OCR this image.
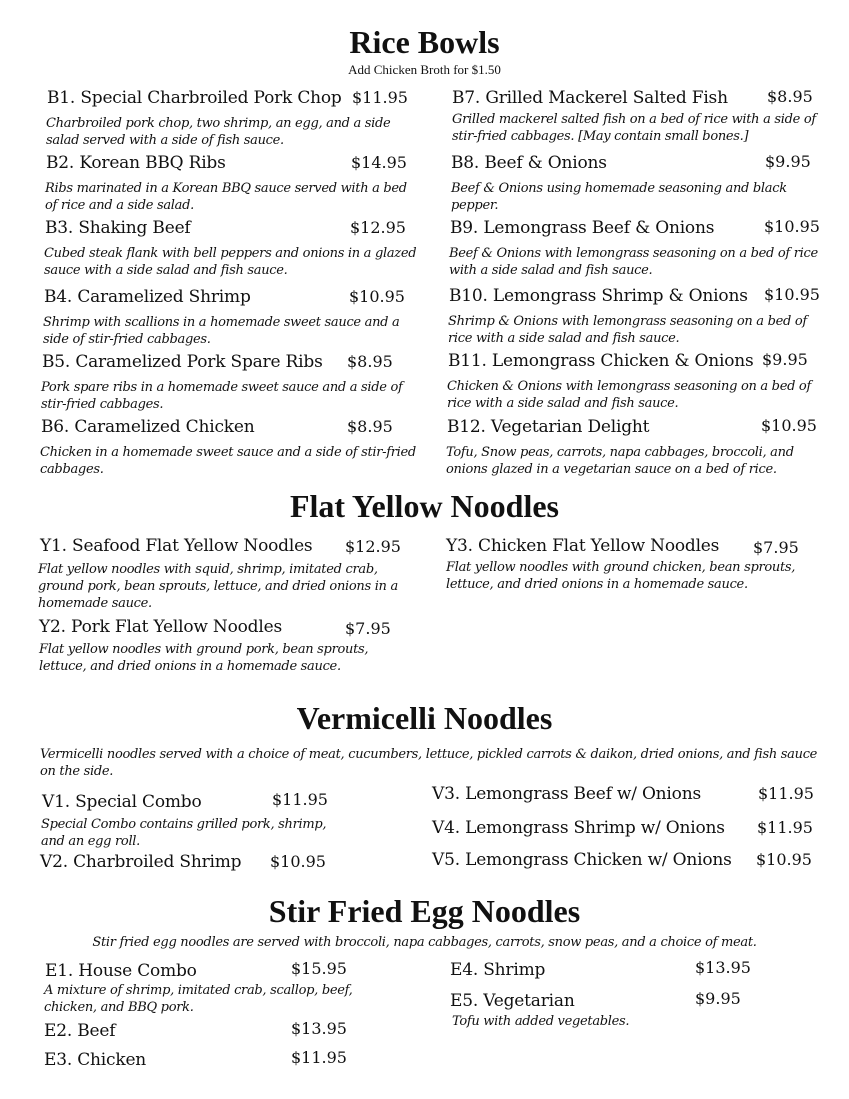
Rice Bowls
Add Chicken Broth for $1.50
B1. Special Charbroiled Pork Chop $11.95
Charbroiled pork chop, two shrimp, an egg, and a side salad served with a side of fish sauce.
B2. Korean BBQ Ribs	$14.95
Ribs marinated in a Korean BBQ sauce served with a bed of rice and a side salad.
B3. Shaking Beef	$12.95
Cubed steak flank with bell peppers and onions in a glazed sauce with a side salad and fish sauce.
B4. Caramelized Shrimp	$10.95
Shrimp with scallions in a homemade sweet sauce and a side of stir-fried cabbages.
B5. Caramelized Pork Spare Ribs $8.95
Pork spare ribs in a homemade sweet sauce and a side of stir-fried cabbages.
B6. Caramelized Chicken	$8.95
Chicken in a homemade sweet sauce and a side of stir-fried cabbages.
B7. Grilled Mackerel Salted Fish $8.95
Grilled mackerel salted fish on a bed of rice with a side of stir-fried cabbages. [May contain small bones.]
B8. Beef & Onions	$9.95
Beef & Onions using homemade seasoning and black pepper.
B9. Lemongrass Beef & Onions	$10.95
Beef & Onions with lemongrass seasoning on a bed of rice with a side salad and fish sauce.
B10. Lemongrass Shrimp & Onions $10.95
Shrimp & Onions with lemongrass seasoning on a bed of rice with a side salad and fish sauce.
B11. Lemongrass Chicken & Onions $9.95
Chicken & Onions with lemongrass seasoning on a bed of rice with a side salad and fish sauce.
B12. Vegetarian Delight	$10.95
Tofu, Snow peas, carrots, napa cabbages, broccoli, and onions glazed in a vegetarian sauce on a bed of rice.
Flat Yellow Noodles
Y1. Seafood Flat Yellow Noodles $12.95
Flat yellow noodles with squid, shrimp, imitated crab, ground pork, bean sprouts, lettuce, and dried onions in a homemade sauce.
Y2. Pork Flat Yellow Noodles	$7.95
Flat yellow noodles with ground pork, bean sprouts, lettuce, and dried onions in a homemade sauce.
Y3. Chicken Flat Yellow Noodles $7.95
Flat yellow noodles with ground chicken, bean sprouts, lettuce, and dried onions in a homemade sauce.
Vermicelli Noodles
Vermicelli noodles served with a choice of meat, cucumbers, lettuce, pickled carrots & daikon, dried onions, and fish sauce on the side.
V1. Special Combo	$11.95
Special Combo contains grilled pork, shrimp, and an egg roll.
V2. Charbroiled Shrimp $10.95
V3. Lemongrass Beef w/ Onions	$11.95
V4. Lemongrass Shrimp w/ Onions $11.95
V5. Lemongrass Chicken w/ Onions $10.95
Stir Fried Egg Noodles
Stir fried egg noodles are served with broccoli, napa cabbages, carrots, snow peas, and a choice of meat.
E1. House Combo	$15.95
A mixture of shrimp, imitated crab, scallop, beef, chicken, and BBQ pork.
E2. Beef	$13.95
E3. Chicken	$11.95
E4. Shrimp	$13.95
E5. Vegetarian	$9.95
Tofu with added vegetables.
